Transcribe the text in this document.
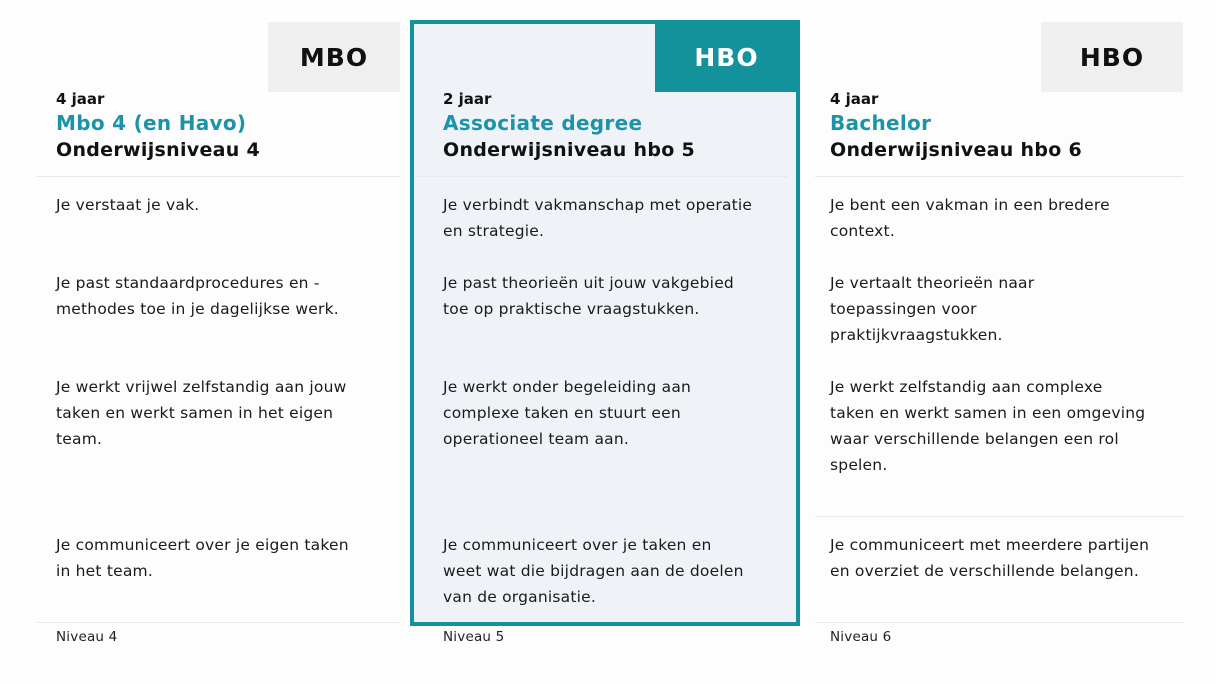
MBO
4 jaar
Mbo 4 (en Havo)
Onderwijsniveau 4

Je verstaat je vak.

Je past standaardprocedures en -methodes toe in je dagelijkse werk.

Je werkt vrijwel zelfstandig aan jouw taken en werkt samen in het eigen team.

Je communiceert over je eigen taken in het team.

Niveau 4
HBO
2 jaar
Associate degree
Onderwijsniveau hbo 5

Je verbindt vakmanschap met operatie en strategie.

Je past theorieën uit jouw vakgebied toe op praktische vraagstukken.

Je werkt onder begeleiding aan complexe taken en stuurt een operationeel team aan.

Je communiceert over je taken en weet wat die bijdragen aan de doelen van de organisatie.

Niveau 5
HBO
4 jaar
Bachelor
Onderwijsniveau hbo 6

Je bent een vakman in een bredere context.

Je vertaalt theorieën naar toepassingen voor praktijkvraagstukken.

Je werkt zelfstandig aan complexe taken en werkt samen in een omgeving waar verschillende belangen een rol spelen.

Je communiceert met meerdere partijen en overziet de verschillende belangen.

Niveau 6
